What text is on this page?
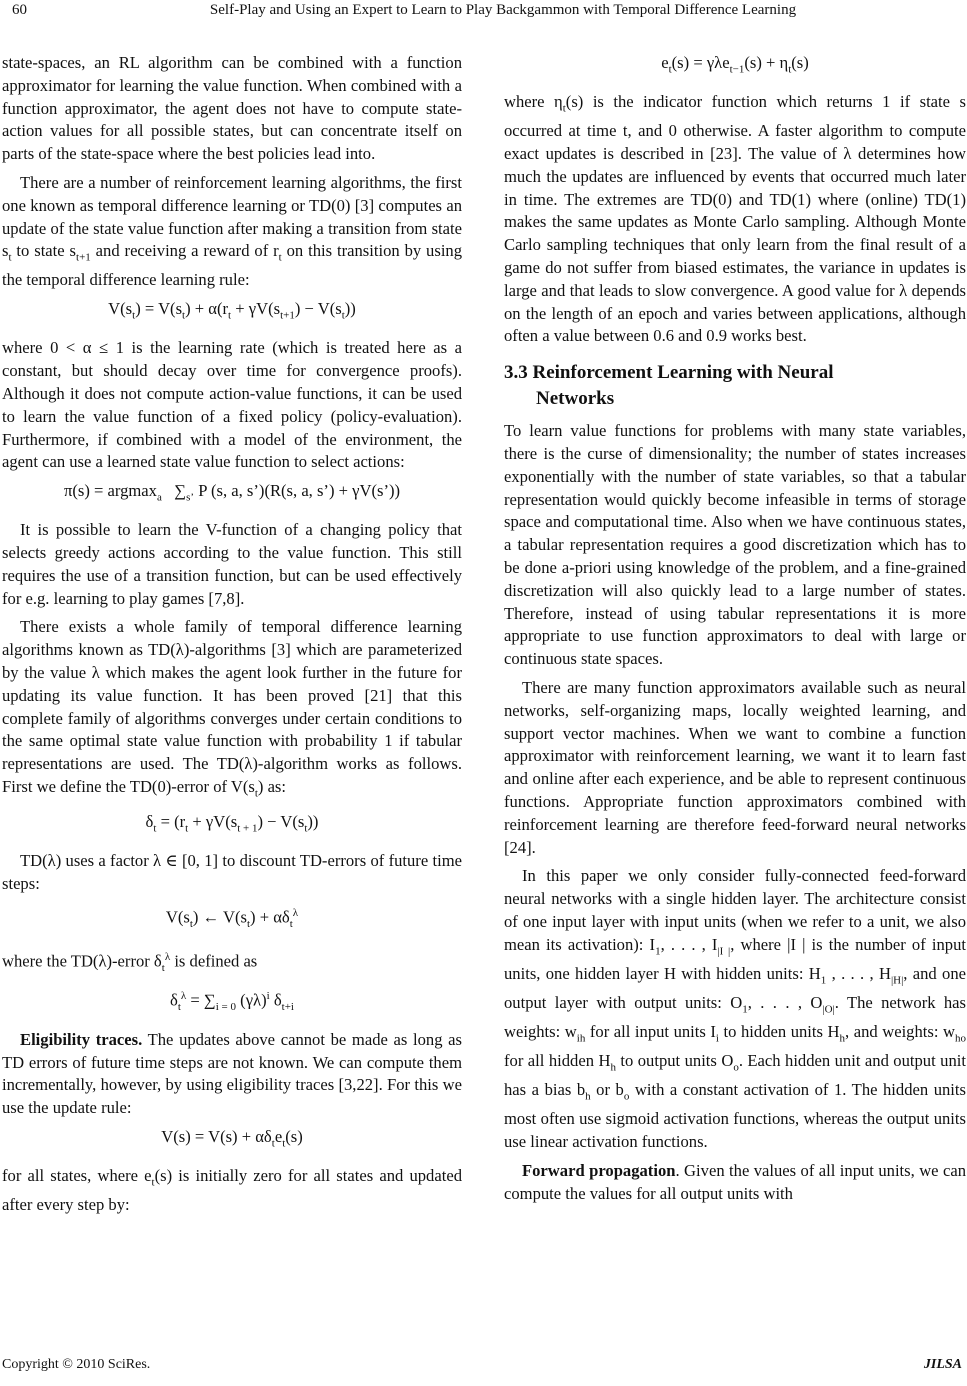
60	Self-Play and Using an Expert to Learn to Play Backgammon with Temporal Difference Learning

state-spaces, an RL algorithm can be combined with a function approximator for learning the value function. When combined with a function approximator, the agent does not have to compute state-action values for all possible states, but can concentrate itself on parts of the state-space where the best policies lead into.

There are a number of reinforcement learning algorithms, the first one known as temporal difference learning or TD(0) [3] computes an update of the state value function after making a transition from state $s_t$ to state $s_{t+1}$ and receiving a reward of $r_t$ on this transition by using the temporal difference learning rule:

$V(s_t) = V(s_t) + \alpha(r_t + \gamma V(s_{t+1}) - V(s_t))$

where 0 < α ≤ 1 is the learning rate (which is treated here as a constant, but should decay over time for convergence proofs). Although it does not compute action-value functions, it can be used to learn the value function of a fixed policy (policy-evaluation). Furthermore, if combined with a model of the environment, the agent can use a learned state value function to select actions:

π(s) = argmax$_a$   $\sum_{s’}$ P (s, a, s’)(R(s, a, s’) + γV(s’))

It is possible to learn the V-function of a changing policy that selects greedy actions according to the value function. This still requires the use of a transition function, but can be used effectively for e.g. learning to play games [7,8].

There exists a whole family of temporal difference learning algorithms known as TD(λ)-algorithms [3] which are parameterized by the value λ which makes the agent look further in the future for updating its value function. It has been proved [21] that this complete family of algorithms converges under certain conditions to the same optimal state value function with probability 1 if tabular representations are used. The TD(λ)-algorithm works as follows. First we define the TD(0)-error of $V(s_t)$ as:

$\delta_t = (r_t + \gamma V(s_{t + 1}) - V(s_t))$

TD(λ) uses a factor λ ∈ [0, 1] to discount TD-errors of future time steps:

$V(s_t)$ ← $V(s_t) + \alpha\delta_t^\lambda$

where the TD(λ)-error $\delta_t^\lambda$ is defined as

$\delta_t^\lambda = \sum_{i = 0}$ $(\gamma\lambda)^i$ $\delta_{t+i}$

Eligibility traces. The updates above cannot be made as long as TD errors of future time steps are not known. We can compute them incrementally, however, by using eligibility traces [3,22]. For this we use the update rule:

$V(s) = V(s) + \alpha\delta_te_t(s)$

for all states, where $e_t(s)$ is initially zero for all states and updated after every step by:

$e_t(s) = \gamma\lambda e_{t-1}(s) + \eta_t(s)$

where $\eta_t(s)$ is the indicator function which returns 1 if state s occurred at time t, and 0 otherwise. A faster algorithm to compute exact updates is described in [23]. The value of λ determines how much the updates are influenced by events that occurred much later in time. The extremes are TD(0) and TD(1) where (online) TD(1) makes the same updates as Monte Carlo sampling. Although Monte Carlo sampling techniques that only learn from the final result of a game do not suffer from biased estimates, the variance in updates is large and that leads to slow convergence. A good value for λ depends on the length of an epoch and varies between applications, although often a value between 0.6 and 0.9 works best.

3.3 Reinforcement Learning with Neural
Networks

To learn value functions for problems with many state variables, there is the curse of dimensionality; the number of states increases exponentially with the number of state variables, so that a tabular representation would quickly become infeasible in terms of storage space and computational time. Also when we have continuous states, a tabular representation requires a good discretization which has to be done a-priori using knowledge of the problem, and a fine-grained discretization will also quickly lead to a large number of states. Therefore, instead of using tabular representations it is more appropriate to use function approximators to deal with large or continuous state spaces.

There are many function approximators available such as neural networks, self-organizing maps, locally weighted learning, and support vector machines. When we want to combine a function approximator with reinforcement learning, we want it to learn fast and online after each experience, and be able to represent continuous functions. Appropriate function approximators combined with reinforcement learning are therefore feed-forward neural networks [24].

In this paper we only consider fully-connected feed-forward neural networks with a single hidden layer. The architecture consist of one input layer with input units (when we refer to a unit, we also mean its activation): $I_1$, . . . , $I_{|I |}$, where |I | is the number of input units, one hidden layer H with hidden units: $H_1$ , . . . , $H_{|H|}$, and one output layer with output units: $O_1$, . . . , $O_{|O|}$. The network has weights: $w_{ih}$ for all input units $I_i$ to hidden units $H_h$, and weights: $w_{ho}$ for all hidden $H_h$ to output units $O_o$. Each hidden unit and output unit has a bias $b_h$ or $b_o$ with a constant activation of 1. The hidden units most often use sigmoid activation functions, whereas the output units use linear activation functions.

Forward propagation. Given the values of all input units, we can compute the values for all output units with

Copyright © 2010 SciRes.	JILSA
